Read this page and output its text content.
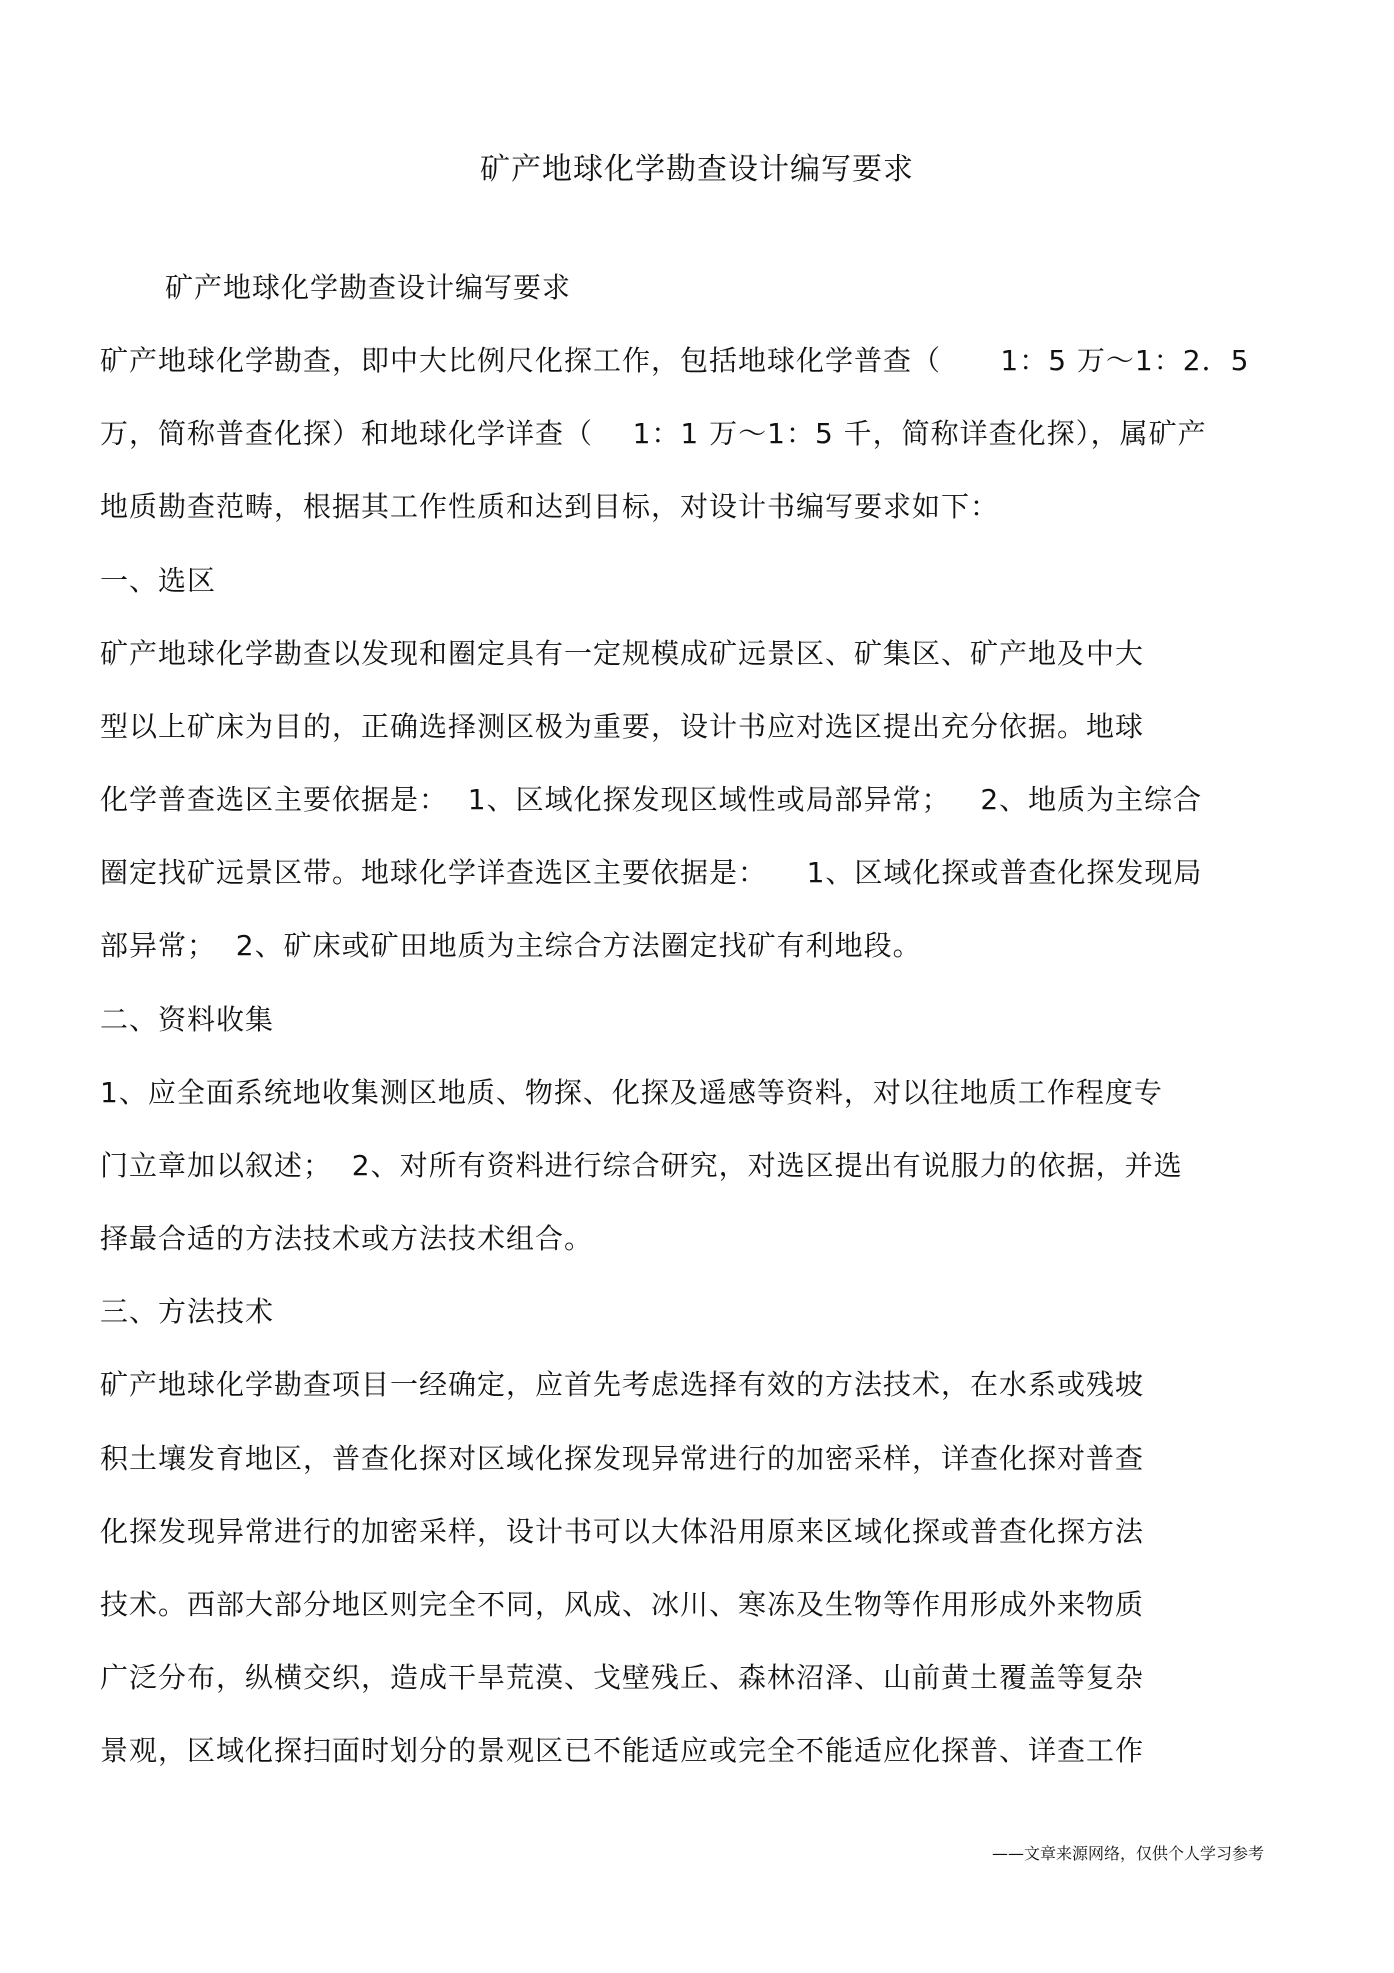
矿产地球化学勘查设计编写要求
矿产地球化学勘查设计编写要求
矿产地球化学勘查，即中大比例尺化探工作，包括地球化学普查（      1：5 万～1：2．5
万，简称普查化探）和地球化学详查（    1：1 万～1：5 千，简称详查化探），属矿产
地质勘查范畴，根据其工作性质和达到目标，对设计书编写要求如下：
一、选区
矿产地球化学勘查以发现和圈定具有一定规模成矿远景区、矿集区、矿产地及中大
型以上矿床为目的，正确选择测区极为重要，设计书应对选区提出充分依据。地球
化学普查选区主要依据是：  1、区域化探发现区域性或局部异常；   2、地质为主综合
圈定找矿远景区带。地球化学详查选区主要依据是：    1、区域化探或普查化探发现局
部异常；  2、矿床或矿田地质为主综合方法圈定找矿有利地段。
二、资料收集
1、应全面系统地收集测区地质、物探、化探及遥感等资料，对以往地质工作程度专
门立章加以叙述；  2、对所有资料进行综合研究，对选区提出有说服力的依据，并选
择最合适的方法技术或方法技术组合。
三、方法技术
矿产地球化学勘查项目一经确定，应首先考虑选择有效的方法技术，在水系或残坡
积土壤发育地区，普查化探对区域化探发现异常进行的加密采样，详查化探对普查
化探发现异常进行的加密采样，设计书可以大体沿用原来区域化探或普查化探方法
技术。西部大部分地区则完全不同，风成、冰川、寒冻及生物等作用形成外来物质
广泛分布，纵横交织，造成干旱荒漠、戈壁残丘、森林沼泽、山前黄土覆盖等复杂
景观，区域化探扫面时划分的景观区已不能适应或完全不能适应化探普、详查工作
——文章来源网络，仅供个人学习参考
